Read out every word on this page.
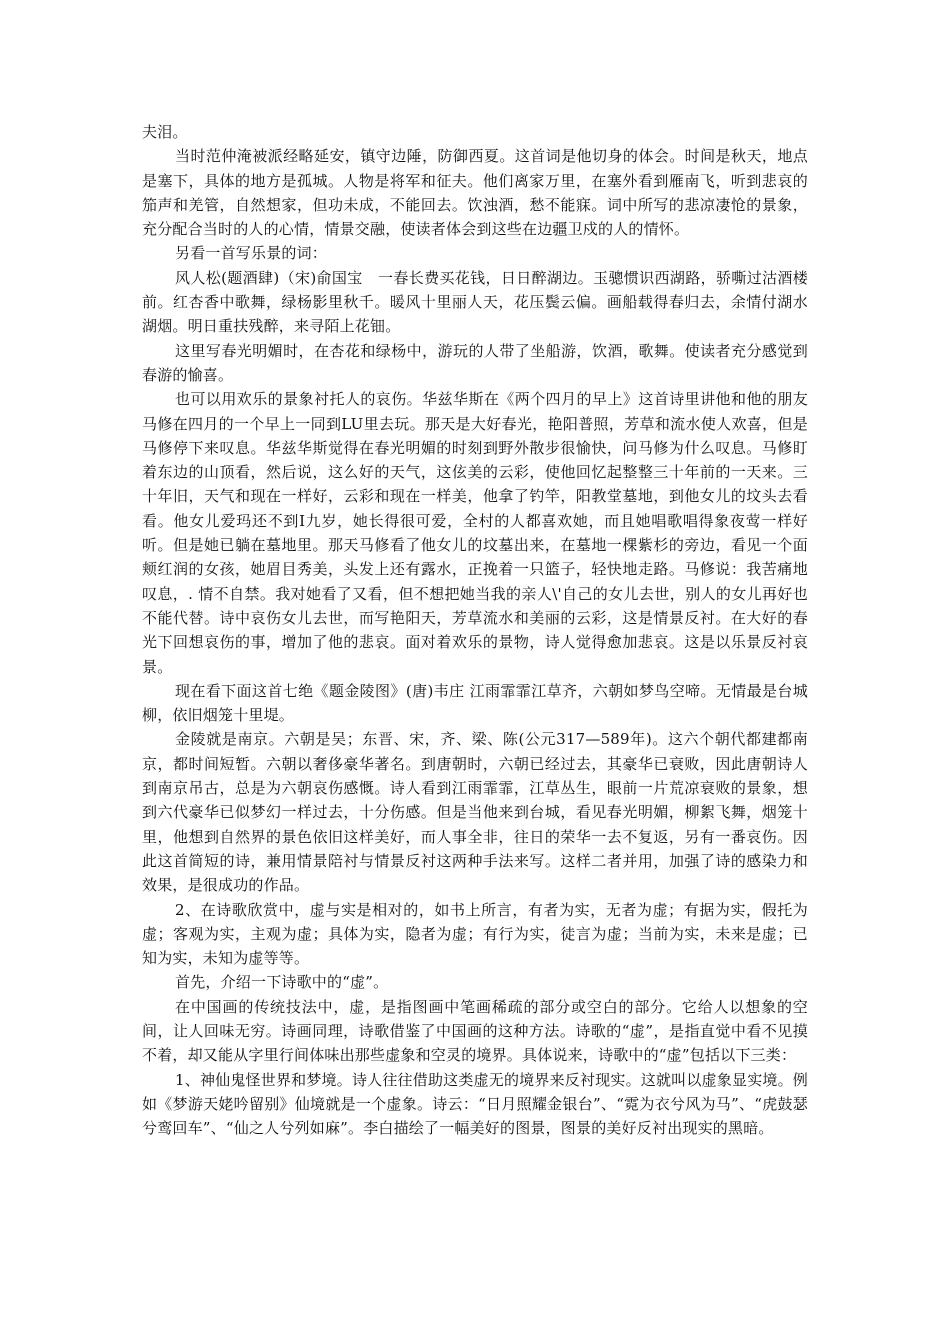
夫泪。

当时范仲淹被派经略延安，镇守边陲，防御西夏。这首词是他切身的体会。时间是秋天，地点是塞下，具体的地方是孤城。人物是将军和征夫。他们离家万里，在塞外看到雁南飞，听到悲哀的笳声和羌管，自然想家，但功未成，不能回去。饮浊酒，愁不能寐。词中所写的悲凉凄怆的景象，充分配合当时的人的心情，情景交融，使读者体会到这些在边疆卫戍的人的情怀。

另看一首写乐景的词：

风人松(题酒肆)（宋)俞国宝　一春长费买花钱，日日醉湖边。玉骢惯识西湖路，骄嘶过沽酒楼前。红杏香中歌舞，绿杨影里秋千。暖风十里丽人天，花压鬓云偏。画船载得春归去，余情付湖水湖烟。明日重扶残醉，来寻陌上花钿。

这里写春光明媚时，在杏花和绿杨中，游玩的人带了坐船游，饮酒，歌舞。使读者充分感觉到春游的愉喜。

也可以用欢乐的景象衬托人的哀伤。华兹华斯在《两个四月的早上》这首诗里讲他和他的朋友马修在四月的一个早上一同到LU里去玩。那天是大好春光，艳阳普照，芳草和流水使人欢喜，但是马修停下来叹息。华兹华斯觉得在春光明媚的时刻到野外散步很愉快，问马修为什么叹息。马修盯着东边的山顶看，然后说，这么好的天气，这伭美的云彩，使他回忆起整整三十年前的一天来。三十年旧，天气和现在一样好，云彩和现在一样美，他拿了钓竿，阳教堂墓地，到他女儿的坟头去看看。他女儿爱玛还不到I九岁，她长得很可爱，全村的人都喜欢她，而且她唱歌唱得象夜莺一样好听。但是她已躺在墓地里。那天马修看了他女儿的坟墓出来，在墓地一棵紫杉的旁边，看见一个面颊红润的女孩，她眉目秀美，头发上还有露水，正挽着一只篮子，轻快地走路。马修说：我苦痛地叹息，. 情不自禁。我对她看了又看，但不想把她当我的亲人\'自己的女儿去世，别人的女儿再好也不能代替。诗中哀伤女儿去世，而写艳阳天，芳草流水和美丽的云彩，这是情景反衬。在大好的春光下回想哀伤的事，增加了他的悲哀。面对着欢乐的景物，诗人觉得愈加悲哀。这是以乐景反衬哀景。

现在看下面这首七绝《题金陵图》(唐)韦庄 江雨霏霏江草齐，六朝如梦鸟空啼。无情最是台城柳，依旧烟笼十里堤。

金陵就是南京。六朝是吴；东晋、宋，齐、梁、陈(公元317—589年)。这六个朝代都建都南京，都时间短暂。六朝以奢侈豪华著名。到唐朝时，六朝已经过去，其豪华已衰败，因此唐朝诗人到南京吊古，总是为六朝哀伤感慨。诗人看到江雨霏霏，江草丛生，眼前一片荒凉衰败的景象，想到六代豪华已似梦幻一样过去，十分伤感。但是当他来到台城，看见春光明媚，柳絮飞舞，烟笼十里，他想到自然界的景色依旧这样美好，而人事全非，往日的荣华一去不复返，另有一番哀伤。因此这首简短的诗，兼用情景陪衬与情景反衬这两种手法来写。这样二者并用，加强了诗的感染力和效果，是很成功的作品。

2、在诗歌欣赏中，虚与实是相对的，如书上所言，有者为实，无者为虚；有据为实，假托为虚；客观为实，主观为虚；具体为实，隐者为虚；有行为实，徒言为虚；当前为实，未来是虚；已知为实，未知为虚等等。

首先，介绍一下诗歌中的“虚”。

在中国画的传统技法中，虚，是指图画中笔画稀疏的部分或空白的部分。它给人以想象的空间，让人回味无穷。诗画同理，诗歌借鉴了中国画的这种方法。诗歌的“虚”，是指直觉中看不见摸不着，却又能从字里行间体味出那些虚象和空灵的境界。具体说来，诗歌中的“虚”包括以下三类：

1、神仙鬼怪世界和梦境。诗人往往借助这类虚无的境界来反衬现实。这就叫以虚象显实境。例如《梦游天姥吟留别》仙境就是一个虚象。诗云：“日月照耀金银台”、“霓为衣兮风为马”、“虎鼓瑟兮鸾回车”、“仙之人兮列如麻”。李白描绘了一幅美好的图景，图景的美好反衬出现实的黑暗。
